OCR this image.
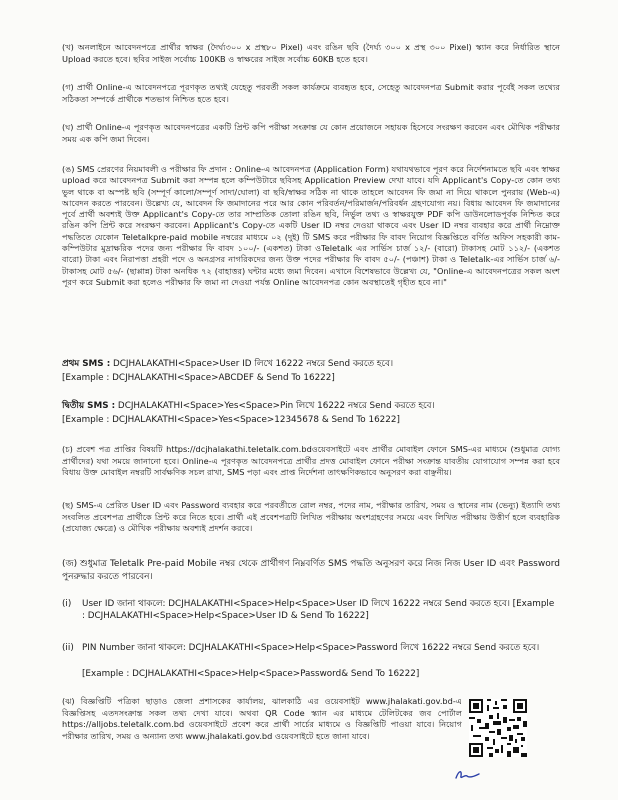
(খ) অনলাইনে আবেদনপত্রে প্রার্থীর স্বাক্ষর (দৈর্ঘ্য৩০০ x প্রস্থ৮০ Pixel) এবং রঙিন ছবি (দৈর্ঘ্য ৩০০ x প্রস্থ ৩০০ Pixel) স্ক্যান করে নির্ধারিত স্থানে Upload করতে হবে। ছবির সাইজ সর্বোচ্চ 100KB ও স্বাক্ষরের সাইজ সর্বোচ্চ 60KB হতে হবে।

(গ) প্রার্থী Online-এ আবেদনপত্রে পূরণকৃত তথ্যই যেহেতু পরবর্তী সকল কার্যক্রমে ব্যবহৃত হবে, সেহেতু আবেদনপত্র Submit করার পূর্বেই সকল তথ্যের সঠিকতা সম্পর্কে প্রার্থীকে শতভাগ নিশ্চিত হতে হবে।

(ঘ) প্রার্থী Online-এ পূরণকৃত আবেদনপত্রের একটি প্রিন্ট কপি পরীক্ষা সংক্রান্ত যে কোন প্রয়োজনে সহায়ক হিসেবে সংরক্ষণ করবেন এবং মৌখিক পরীক্ষার সময় এক কপি জমা দিবেন।

(ঙ) SMS প্রেরণের নিয়মাবলী ও পরীক্ষার ফি প্রদান : Online-এ আবেদনপত্র (Application Form) যথাযথভাবে পূরণ করে নির্দেশনামতে ছবি এবং স্বাক্ষর upload করে আবেদনপত্র Submit করা সম্পন্ন হলে কম্পিউটারে ছবিসহ Application Preview দেখা যাবে। যদি Applicant's Copy-তে কোন তথ্য ভুল থাকে বা অস্পষ্ট ছবি (সম্পূর্ণ কালো/সম্পূর্ণ সাদা/ঘোলা) বা ছবি/স্বাক্ষর সঠিক না থাকে তাহলে আবেদন ফি জমা না দিয়ে থাকলে পুনরায় (Web-এ) আবেদন করতে পারবেন। উল্লেখ্য যে, আবেদন ফি জমাদানের পরে আর কোন পরিবর্তন/পরিমার্জন/পরিবর্ধন গ্রহণযোগ্য নয়। বিধায় আবেদন ফি জমাদানের পূর্বে প্রার্থী অবশ্যই উক্ত Applicant's Copy-তে তার সাম্প্রতিক তোলা রঙিন ছবি, নির্ভুল তথ্য ও স্বাক্ষরযুক্ত PDF কপি ডাউনলোডপূর্বক নিশ্চিত করে রঙিন কপি প্রিন্ট করে সংরক্ষণ করবেন। Applicant's Copy-তে একটি User ID নম্বর দেওয়া থাকবে এবং User ID নম্বর ব্যবহার করে প্রার্থী নিম্নোক্ত পদ্ধতিতে যেকোন Teletalkpre-paid mobile নম্বরের মাধ্যমে ০২ (দুই) টি SMS করে পরীক্ষার ফি বাবদ নিয়োগ বিজ্ঞপ্তিতে বর্ণিত অফিস সহকারী কাম-কম্পিউটার মুদ্রাক্ষরিক পদের জন্য পরীক্ষার ফি বাবদ ১০০/- (একশত) টাকা ওTeletalk এর সার্ভিস চার্জ ১২/- (বারো) টাকাসহ মোট ১১২/- (একশত বারো) টাকা এবং নিরাপত্তা প্রহরী পদে ও অনগ্রসর নাগরিকদের জন্য উক্ত পদের পরীক্ষার ফি বাবদ ৫০/- (পঞ্চাশ) টাকা ও Teletalk-এর সার্ভিস চার্জ ৬/- টাকাসহ মোট ৫৬/- (ছাপ্পান্ন) টাকা অনধিক ৭২ (বাহাত্তর) ঘন্টার মধ্যে জমা দিবেন। এখানে বিশেষভাবে উল্লেখ্য যে, "Online-এ আবেদনপত্রের সকল অংশ পূরণ করে Submit করা হলেও পরীক্ষার ফি জমা না দেওয়া পর্যন্ত Online আবেদনপত্র কোন অবস্থাতেই গৃহীত হবে না।"

প্রথম SMS : DCJHALAKATHI<Space>User ID লিখে 16222 নম্বরে Send করতে হবে।
[Example : DCJHALAKATHI<Space>ABCDEF & Send To 16222]
দ্বিতীয় SMS : DCJHALAKATHI<Space>Yes<Space>Pin লিখে 16222 নম্বরে Send করতে হবে।
[Example : DCJHALAKATHI<Space>Yes<Space>12345678 & Send To 16222]

(চ) প্রবেশ পত্র প্রাপ্তির বিষয়টি https://dcjhalakathi.teletalk.com.bdওয়েবসাইটে এবং প্রার্থীর মোবাইল ফোনে SMS-এর মাধ্যমে (শুধুমাত্র যোগ্য প্রার্থীদের) যথা সময়ে জানানো হবে। Online-এ পূরণকৃত আবেদনপত্রে প্রার্থীর প্রদত্ত মোবাইল ফোনে পরীক্ষা সংক্রান্ত যাবতীয় যোগাযোগ সম্পন্ন করা হবে বিধায় উক্ত মোবাইল নম্বরটি সার্বক্ষণিক সচল রাখা, SMS পড়া এবং প্রাপ্ত নির্দেশনা তাৎক্ষণিকভাবে অনুসরণ করা বাঞ্ছনীয়।

(ছ) SMS-এ প্রেরিত User ID এবং Password ব্যবহার করে পরবর্তীতে রোল নম্বর, পদের নাম, পরীক্ষার তারিখ, সময় ও স্থানের নাম (ভেন্যু) ইত্যাদি তথ্য সংবলিত প্রবেশপত্র প্রার্থীকে প্রিন্ট করে নিতে হবে। প্রার্থী এই প্রবেশপত্রটি লিখিত পরীক্ষায় অংশগ্রহণের সময়ে এবং লিখিত পরীক্ষায় উত্তীর্ণ হলে ব্যবহারিক (প্রযোজ্য ক্ষেত্রে) ও মৌখিক পরীক্ষায় অবশ্যই প্রদর্শন করবে।

(জ) শুধুমাত্র Teletalk Pre-paid Mobile নম্বর থেকে প্রার্থীগণ নিম্নবর্ণিত SMS পদ্ধতি অনুসরণ করে নিজ নিজ User ID এবং Password পুনরুদ্ধার করতে পারবেন।

(i) User ID জানা থাকলে: DCJHALAKATHI<Space>Help<Space>User ID লিখে 16222 নম্বরে Send করতে হবে। [Example : DCJHALAKATHI<Space>Help<Space>User ID & Send To 16222]
(ii) PIN Number জানা থাকলে: DCJHALAKATHI<Space>Help<Space>Password লিখে 16222 নম্বরে Send করতে হবে।
[Example : DCJHALAKATHI<Space>Help<Space>Password& Send To 16222]

(ঝ) বিজ্ঞপ্তিটি পত্রিকা ছাড়াও জেলা প্রশাসকের কার্যালয়, ঝালকাঠি এর ওয়েবসাইট www.jhalakati.gov.bd-এ বিজ্ঞপ্তিসহ এতদসংক্রান্ত সকল তথ্য দেখা যাবে। অথবা QR Code স্ক্যান এর মাধ্যমে টেলিটকের জব পোর্টাল https://alljobs.teletalk.com.bd ওয়েবসাইটে প্রবেশ করে প্রার্থী সার্চের মাধ্যমে ও বিজ্ঞপ্তিটি পাওয়া যাবে। নিয়োগ পরীক্ষার তারিখ, সময় ও অন্যান্য তথ্য www.jhalakati.gov.bd ওয়েবসাইটে হতে জানা যাবে।
